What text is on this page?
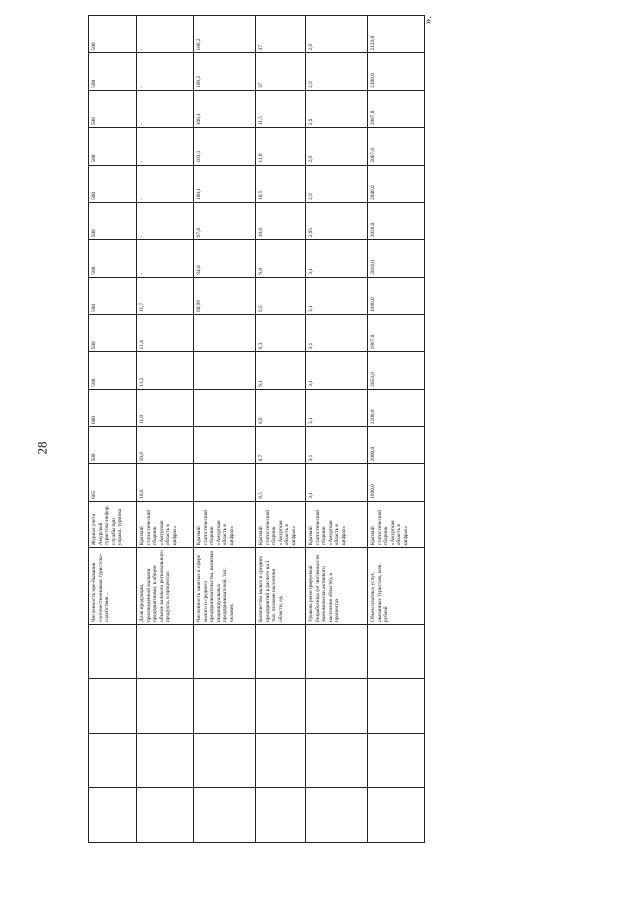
28
».
				Численность пре-бывания соотечественников туристско-содействия ...	Журнал учета Амурской туристско-инфор. службы при управл. туризма	665	500	600	500	500	500	500	500	500	500	500	500	500
				Доля продукции, произведенной малыми предприятиями, в общем объеме валового регионального продукта, в процентах	Краткий статистический сборник «Амурская область в цифрах»	10,6	10,8	11,0	11,2	11,4	11,7	-	-	-	-	-	-	-
				Численность занятых в сфере малого и среднего предпринимательства, включая индивидуальных предпринимателей, тыс. человек	Краткий статистический сборник «Амурская область в цифрах»						90,99	94,0	97,0	100,1	103,1	106,1	109,2	109,2
				Количество малых и средних предприятий в расчете на 1 тыс. человек населения области, ед.	Краткий статистический сборник «Амурская область в цифрах»	8,5	8,7	8,9	9,1	9,3	9,5	9,8	10,0	10,5	11,0	11,5	37	37
				Уровень регистрируемой безработицы (от численности экономически активного населения области), в процентах	Краткий статистический сборник «Амурская область в цифрах»	3,1	3,1	3,1	3,1	3,1	3,1	3,1	2,95	2,9	2,9	2,9	2,9	2,9
				Объем платных услуг, оказанных туристам, млн. рублей	Краткий статистический сборник «Амурская область в цифрах»	1900,0	2000,0	2100,0	2053,9	1967,0	1986,0	2016,0	2026,0	2046,0	2067,0	2087,0	2108,0	2129,0
